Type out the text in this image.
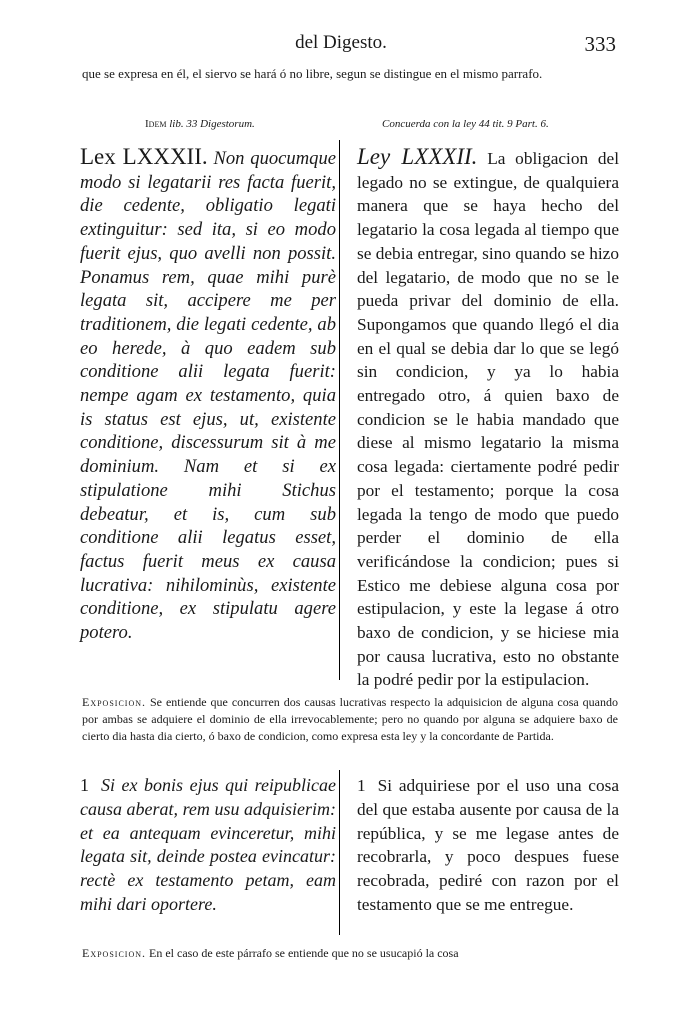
del Digesto.	333
que se expresa en él, el siervo se hará ó no libre, segun se distingue en el mismo parrafo.
Idem lib. 33 Digestorum.	Concuerda con la ley 44 tit. 9 Part. 6.
Lex LXXXII. Non quocumque modo si legatarii res facta fuerit, die cedente, obligatio legati extinguitur: sed ita, si eo modo fuerit ejus, quo avelli non possit. Ponamus rem, quae mihi purè legata sit, accipere me per traditionem, die legati cedente, ab eo herede, à quo eadem sub conditione alii legata fuerit: nempe agam ex testamento, quia is status est ejus, ut, existente conditione, discessurum sit à me dominium. Nam et si ex stipulatione mihi Stichus debeatur, et is, cum sub conditione alii legatus esset, factus fuerit meus ex causa lucrativa: nihilominùs, existente conditione, ex stipulatu agere potero.
Ley LXXXII. La obligacion del legado no se extingue, de qualquiera manera que se haya hecho del legatario la cosa legada al tiempo que se debia entregar, sino quando se hizo del legatario, de modo que no se le pueda privar del dominio de ella. Supongamos que quando llegó el dia en el qual se debia dar lo que se legó sin condicion, y ya lo habia entregado otro, á quien baxo de condicion se le habia mandado que diese al mismo legatario la misma cosa legada: ciertamente podré pedir por el testamento; porque la cosa legada la tengo de modo que puedo perder el dominio de ella verificándose la condicion; pues si Estico me debiese alguna cosa por estipulacion, y este la legase á otro baxo de condicion, y se hiciese mia por causa lucrativa, esto no obstante la podré pedir por la estipulacion.
Exposicion. Se entiende que concurren dos causas lucrativas respecto la adquisicion de alguna cosa quando por ambas se adquiere el dominio de ella irrevocablemente; pero no quando por alguna se adquiere baxo de cierto dia hasta dia cierto, ó baxo de condicion, como expresa esta ley y la concordante de Partida.
1 Si ex bonis ejus qui reipublicae causa aberat, rem usu adquisierim: et ea antequam evinceretur, mihi legata sit, deinde postea evincatur: rectè ex testamento petam, eam mihi dari oportere.
1 Si adquiriese por el uso una cosa del que estaba ausente por causa de la república, y se me legase antes de recobrarla, y poco despues fuese recobrada, pediré con razon por el testamento que se me entregue.
Exposicion. En el caso de este párrafo se entiende que no se usucapió la cosa
